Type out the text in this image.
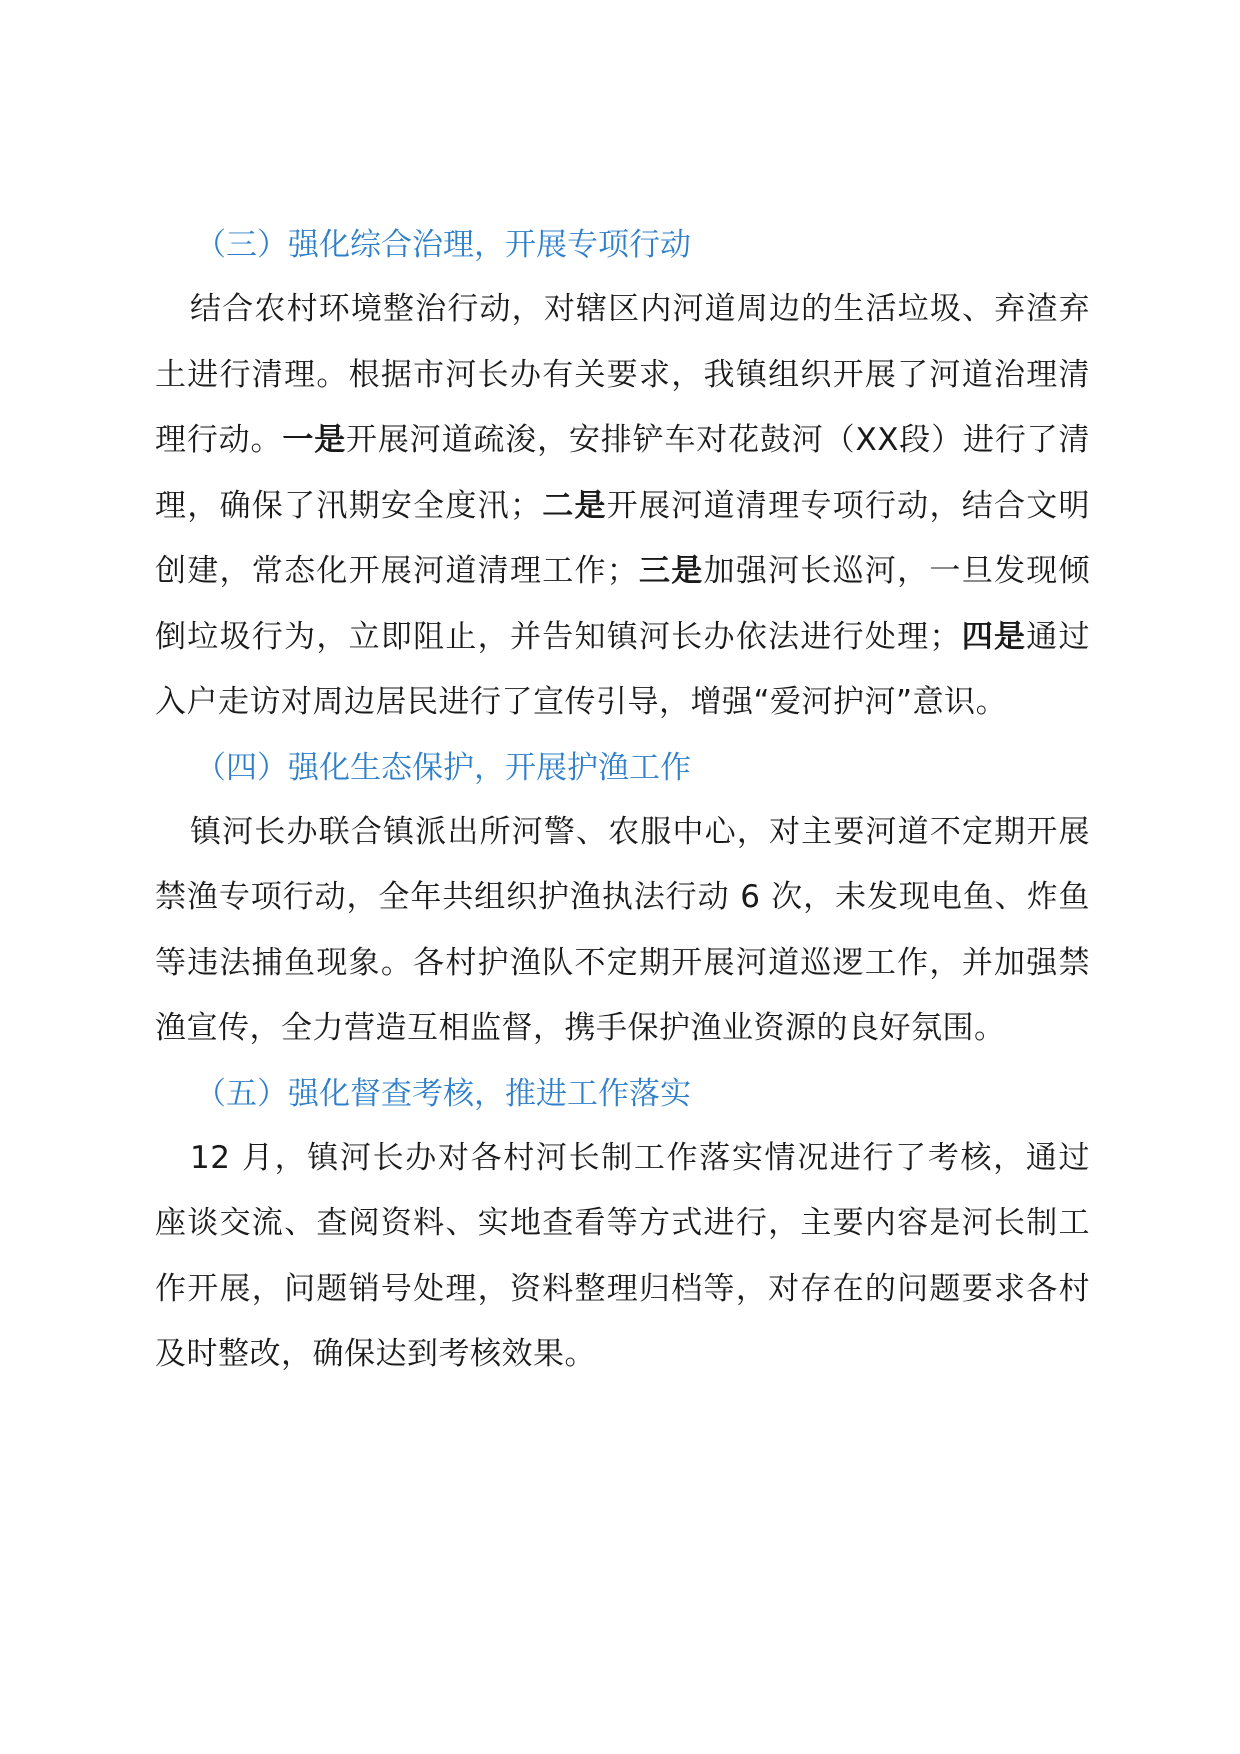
（三）强化综合治理，开展专项行动

结合农村环境整治行动，对辖区内河道周边的生活垃圾、弃渣弃土进行清理。根据市河长办有关要求，我镇组织开展了河道治理清理行动。一是开展河道疏浚，安排铲车对花鼓河（XX段）进行了清理，确保了汛期安全度汛；二是开展河道清理专项行动，结合文明创建，常态化开展河道清理工作；三是加强河长巡河，一旦发现倾倒垃圾行为，立即阻止，并告知镇河长办依法进行处理；四是通过入户走访对周边居民进行了宣传引导，增强“爱河护河”意识。

（四）强化生态保护，开展护渔工作

镇河长办联合镇派出所河警、农服中心，对主要河道不定期开展禁渔专项行动，全年共组织护渔执法行动 6 次，未发现电鱼、炸鱼等违法捕鱼现象。各村护渔队不定期开展河道巡逻工作，并加强禁渔宣传，全力营造互相监督，携手保护渔业资源的良好氛围。

（五）强化督查考核，推进工作落实

12 月，镇河长办对各村河长制工作落实情况进行了考核，通过座谈交流、查阅资料、实地查看等方式进行，主要内容是河长制工作开展，问题销号处理，资料整理归档等，对存在的问题要求各村及时整改，确保达到考核效果。
